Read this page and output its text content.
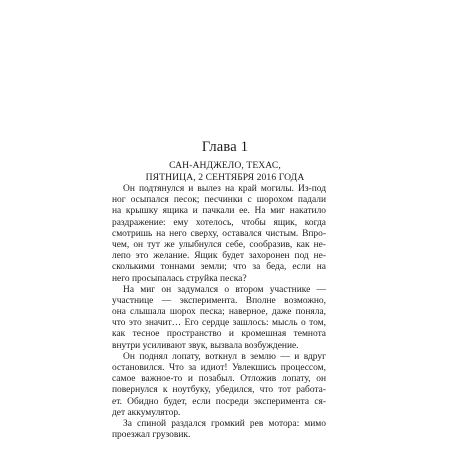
Глава 1
САН-АНДЖЕЛО, ТЕХАС,
ПЯТНИЦА, 2 СЕНТЯБРЯ 2016 ГОДА
Он подтянулся и вылез на край могилы. Из-под
ног осыпался песок; песчинки с шорохом падали
на крышку ящика и пачкали ее. На миг накатило
раздражение: ему хотелось, чтобы ящик, когда
смотришь на него сверху, оставался чистым. Впро-
чем, он тут же улыбнулся себе, сообразив, как не-
лепо это желание. Ящик будет захоронен под не-
сколькими тоннами земли; что за беда, если на
него просыпалась струйка песка?
На миг он задумался о втором участнике —
участнице — эксперимента. Вполне возможно,
она слышала шорох песка; наверное, даже поняла,
что это значит… Его сердце зашлось: мысль о том,
как тесное пространство и кромешная темнота
внутри усиливают звук, вызвала возбуждение.
Он поднял лопату, воткнул в землю — и вдруг
остановился. Что за идиот! Увлекшись процессом,
самое важное-то и позабыл. Отложив лопату, он
повернулся к ноутбуку, убедился, что тот работа-
ет. Обидно будет, если посреди эксперимента ся-
дет аккумулятор.
За спиной раздался громкий рев мотора: мимо
проезжал грузовик.
